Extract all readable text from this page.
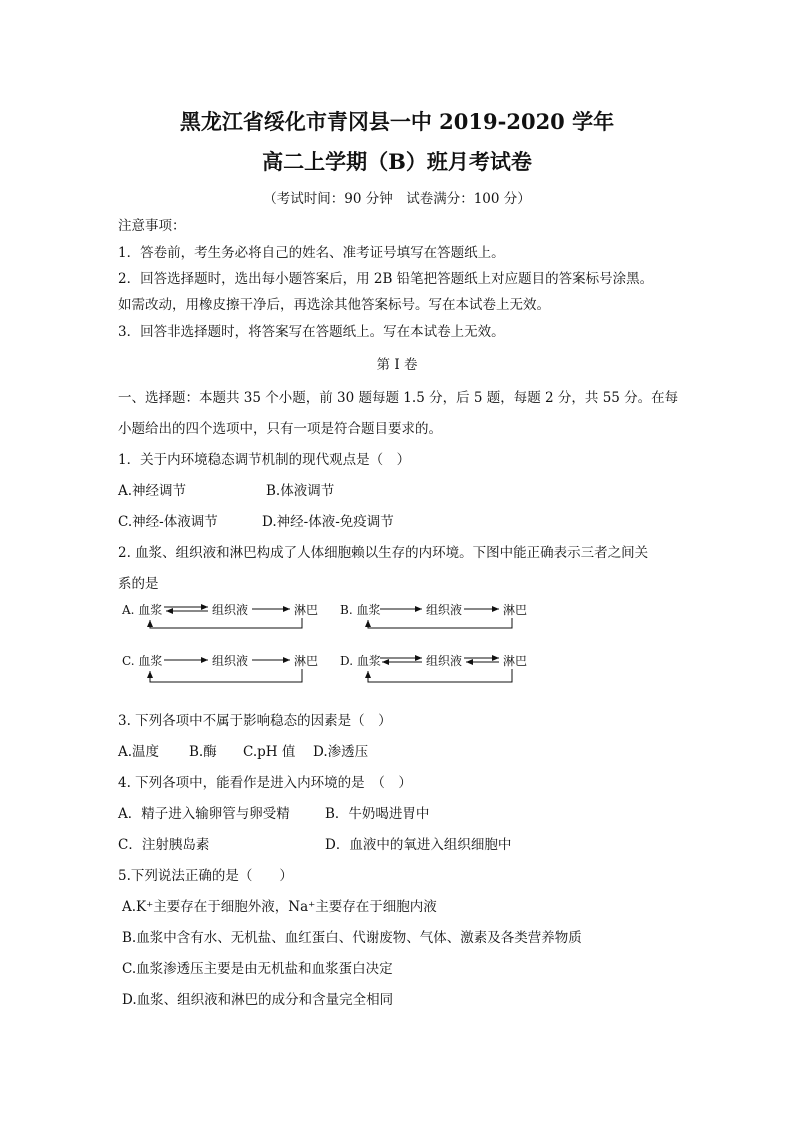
黑龙江省绥化市青冈县一中 2019-2020 学年
高二上学期（B）班月考试卷
（考试时间：90 分钟　试卷满分：100 分）
注意事项：
1．答卷前，考生务必将自己的姓名、准考证号填写在答题纸上。
2．回答选择题时，选出每小题答案后，用 2B 铅笔把答题纸上对应题目的答案标号涂黑。
如需改动，用橡皮擦干净后，再选涂其他答案标号。写在本试卷上无效。
3．回答非选择题时，将答案写在答题纸上。写在本试卷上无效。
第 I 卷
一、选择题：本题共 35 个小题，前 30 题每题 1.5 分，后 5 题，每题 2 分，共 55 分。在每
小题给出的四个选项中，只有一项是符合题目要求的。
1．关于内环境稳态调节机制的现代观点是（　）
A.神经调节	B.体液调节
C.神经-体液调节	D.神经-体液-免疫调节
2. 血浆、组织液和淋巴构成了人体细胞赖以生存的内环境。下图中能正确表示三者之间关
系的是
A. 血浆	组织液	淋巴 B. 血浆	组织液	淋巴
C. 血浆	组织液	淋巴 D. 血浆	组织液	淋巴
3. 下列各项中不属于影响稳态的因素是（　）
A.温度 B.酶 C.pH 值 D.渗透压
4. 下列各项中，能看作是进入内环境的是　（　）
A．精子进入输卵管与卵受精	B．牛奶喝进胃中
C．注射胰岛素	D．血液中的氧进入组织细胞中
5.下列说法正确的是（　　）
A.K⁺主要存在于细胞外液，Na⁺主要存在于细胞内液
B.血浆中含有水、无机盐、血红蛋白、代谢废物、气体、激素及各类营养物质
C.血浆渗透压主要是由无机盐和血浆蛋白决定
D.血浆、组织液和淋巴的成分和含量完全相同
